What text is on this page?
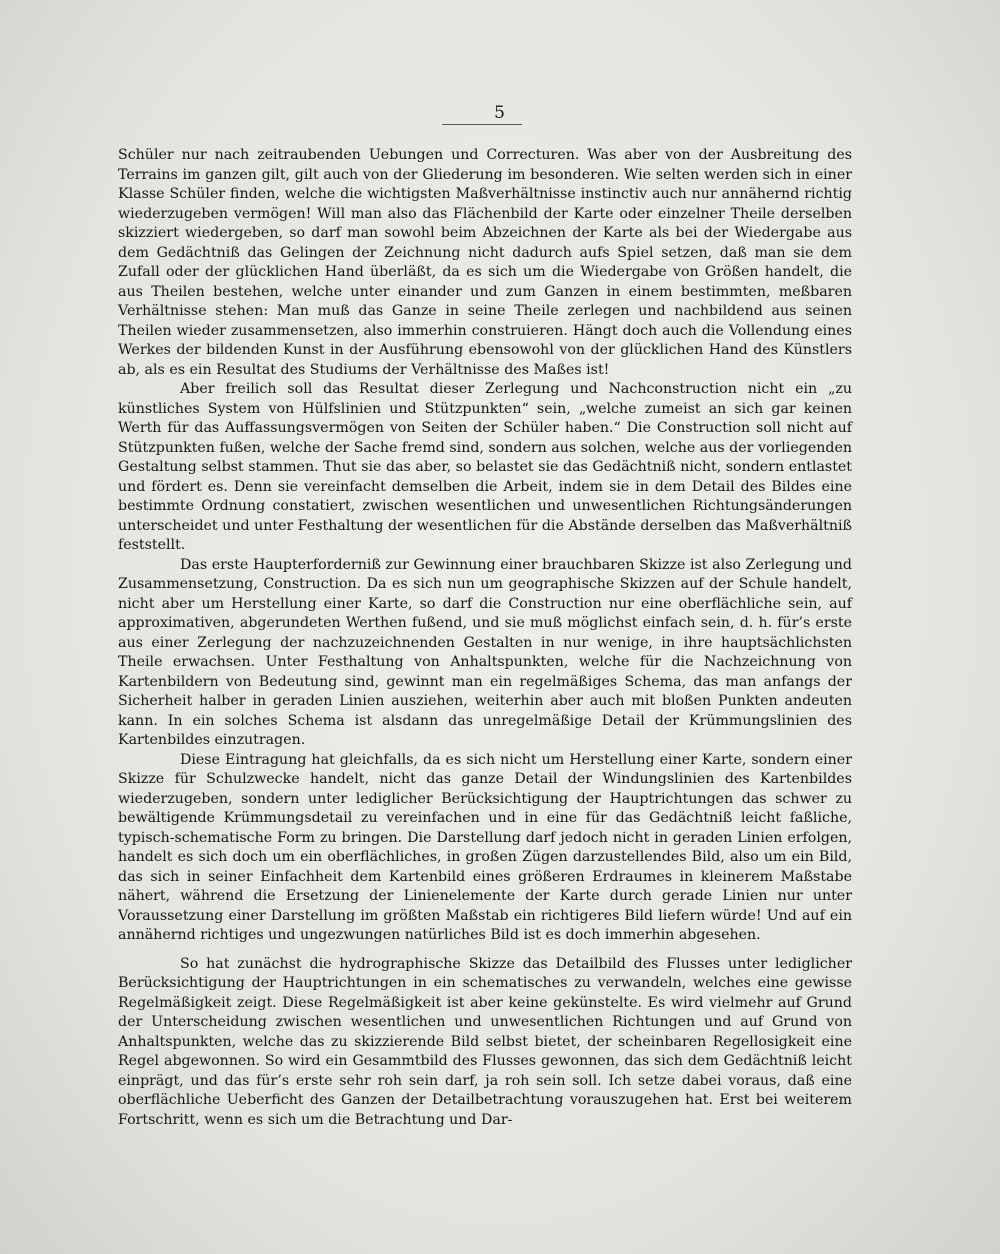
5

Schüler nur nach zeitraubenden Uebungen und Correcturen. Was aber von der Ausbreitung des Terrains im ganzen gilt, gilt auch von der Gliederung im besonderen. Wie selten werden sich in einer Klasse Schüler finden, welche die wichtigsten Maßverhältnisse instinctiv auch nur annähernd richtig wiederzugeben vermögen! Will man also das Flächenbild der Karte oder einzelner Theile derselben skizziert wiedergeben, so darf man sowohl beim Abzeichnen der Karte als bei der Wiedergabe aus dem Gedächtniß das Gelingen der Zeichnung nicht dadurch aufs Spiel setzen, daß man sie dem Zufall oder der glücklichen Hand überläßt, da es sich um die Wiedergabe von Größen handelt, die aus Theilen bestehen, welche unter einander und zum Ganzen in einem bestimmten, meßbaren Verhältnisse stehen: Man muß das Ganze in seine Theile zerlegen und nachbildend aus seinen Theilen wieder zusammensetzen, also immerhin construieren. Hängt doch auch die Vollendung eines Werkes der bildenden Kunst in der Ausführung ebensowohl von der glücklichen Hand des Künstlers ab, als es ein Resultat des Studiums der Verhältnisse des Maßes ist!

Aber freilich soll das Resultat dieser Zerlegung und Nachconstruction nicht ein „zu künstliches System von Hülfslinien und Stützpunkten“ sein, „welche zumeist an sich gar keinen Werth für das Auffassungsvermögen von Seiten der Schüler haben.“ Die Construction soll nicht auf Stützpunkten fußen, welche der Sache fremd sind, sondern aus solchen, welche aus der vorliegenden Gestaltung selbst stammen. Thut sie das aber, so belastet sie das Gedächtniß nicht, sondern entlastet und fördert es. Denn sie vereinfacht demselben die Arbeit, indem sie in dem Detail des Bildes eine bestimmte Ordnung constatiert, zwischen wesentlichen und unwesentlichen Richtungsänderungen unterscheidet und unter Festhaltung der wesentlichen für die Abstände derselben das Maßverhältniß feststellt.

Das erste Haupterforderniß zur Gewinnung einer brauchbaren Skizze ist also Zerlegung und Zusammensetzung, Construction. Da es sich nun um geographische Skizzen auf der Schule handelt, nicht aber um Herstellung einer Karte, so darf die Construction nur eine oberflächliche sein, auf approximativen, abgerundeten Werthen fußend, und sie muß möglichst einfach sein, d. h. für’s erste aus einer Zerlegung der nachzuzeichnenden Gestalten in nur wenige, in ihre hauptsächlichsten Theile erwachsen. Unter Festhaltung von Anhaltspunkten, welche für die Nachzeichnung von Kartenbildern von Bedeutung sind, gewinnt man ein regelmäßiges Schema, das man anfangs der Sicherheit halber in geraden Linien ausziehen, weiterhin aber auch mit bloßen Punkten andeuten kann. In ein solches Schema ist alsdann das unregelmäßige Detail der Krümmungslinien des Kartenbildes einzutragen.

Diese Eintragung hat gleichfalls, da es sich nicht um Herstellung einer Karte, sondern einer Skizze für Schulzwecke handelt, nicht das ganze Detail der Windungslinien des Kartenbildes wiederzugeben, sondern unter lediglicher Berücksichtigung der Hauptrichtungen das schwer zu bewältigende Krümmungsdetail zu vereinfachen und in eine für das Gedächtniß leicht faßliche, typisch-schematische Form zu bringen. Die Darstellung darf jedoch nicht in geraden Linien erfolgen, handelt es sich doch um ein oberflächliches, in großen Zügen darzustellendes Bild, also um ein Bild, das sich in seiner Einfachheit dem Kartenbild eines größeren Erdraumes in kleinerem Maßstabe nähert, während die Ersetzung der Linienelemente der Karte durch gerade Linien nur unter Voraussetzung einer Darstellung im größten Maßstab ein richtigeres Bild liefern würde! Und auf ein annähernd richtiges und ungezwungen natürliches Bild ist es doch immerhin abgesehen.

So hat zunächst die hydrographische Skizze das Detailbild des Flusses unter lediglicher Berücksichtigung der Hauptrichtungen in ein schematisches zu verwandeln, welches eine gewisse Regelmäßigkeit zeigt. Diese Regelmäßigkeit ist aber keine gekünstelte. Es wird vielmehr auf Grund der Unterscheidung zwischen wesentlichen und unwesentlichen Richtungen und auf Grund von Anhaltspunkten, welche das zu skizzierende Bild selbst bietet, der scheinbaren Regellosigkeit eine Regel abgewonnen. So wird ein Gesammtbild des Flusses gewonnen, das sich dem Gedächtniß leicht einprägt, und das für’s erste sehr roh sein darf, ja roh sein soll. Ich setze dabei voraus, daß eine oberflächliche Ueberficht des Ganzen der Detailbetrachtung vorauszugehen hat. Erst bei weiterem Fortschritt, wenn es sich um die Betrachtung und Dar-
